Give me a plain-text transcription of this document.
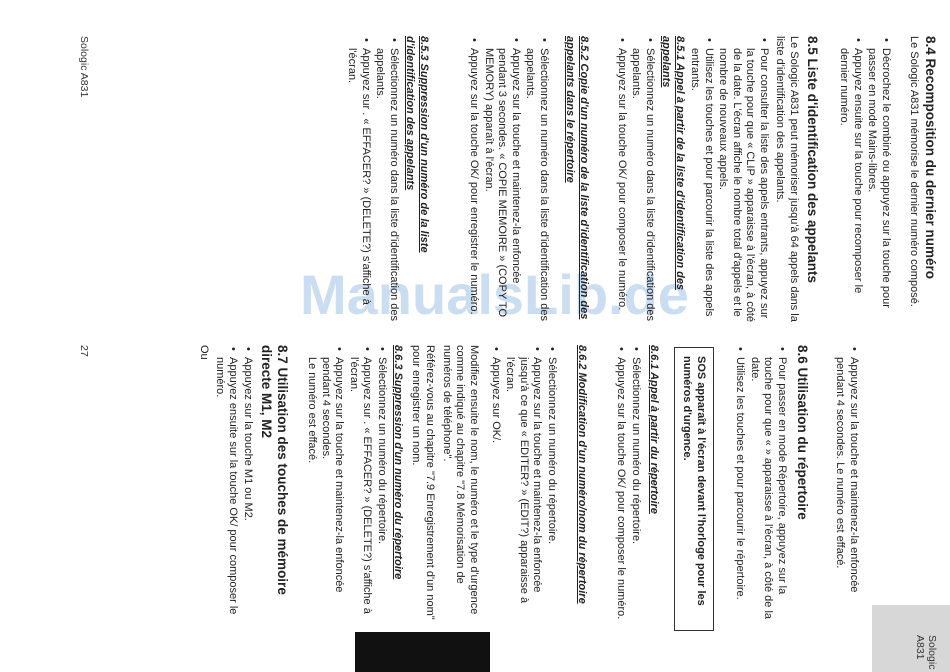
ManualsLib.de
Sologic A831	8.4 Recomposition du dernier numéro

Le Sologic A831 mémorise le dernier numéro composé.

• Décrochez le combiné ou appuyez sur la touche pour passer en mode Mains-libres.
• Appuyez ensuite sur la touche pour recomposer le dernier numéro.
8.5 Liste d'identification des appelants

Le Sologic A831 peut mémoriser jusqu'à 64 appels dans la liste d'identification des appelants.

• Pour consulter la liste des appels entrants, appuyez sur la touche pour que « CLIP » apparaisse à l'écran, à côté de la date. L'écran affiche le nombre total d'appels et le nombre de nouveaux appels.
• Utilisez les touches et pour parcourir la liste des appels entrants.

8.5.1 Appel à partir de la liste d'identification des appelants

• Sélectionnez un numéro dans la liste d'identification des appelants.
• Appuyez sur la touche OK/ pour composer le numéro.

8.5.2 Copie d'un numéro de la liste d'identification des appelants dans le répertoire

• Sélectionnez un numéro dans la liste d'identification des appelants.
• Appuyez sur la touche et maintenez-la enfoncée pendant 3 secondes. « COPIE MEMOIRE » (COPY TO MEMORY) apparaît à l'écran.
• Appuyez sur la touche OK/ pour enregistrer le numéro.

8.5.3 Suppression d'un numéro de la liste d'identification des appelants

• Sélectionnez un numéro dans la liste d'identification des appelants.
• Appuyez sur . « EFFACER? » (DELETE?) s'affiche à l'écran.
Sologic A831
• Appuyez sur la touche et maintenez-la enfoncée pendant 4 secondes. Le numéro est effacé.
8.6 Utilisation du répertoire
• Pour passer en mode Répertoire, appuyez sur la touche pour que « » apparaisse à l'écran, à côté de la date.
• Utilisez les touches et pour parcourir le répertoire.
SOS apparaît à l'écran devant l'horloge pour les numéros d'urgence.

8.6.1 Appel à partir du répertoire

• Sélectionnez un numéro du répertoire.
• Appuyez sur la touche OK/ pour composer le numéro.

8.6.2 Modification d'un numéro/nom du répertoire

• Sélectionnez un numéro du répertoire.
• Appuyez sur la touche et maintenez-la enfoncée jusqu'à ce que « EDITER? » (EDIT?) apparaisse à l'écran.
• Appuyez sur OK/.

Modifiez ensuite le nom, le numéro et le type d'urgence comme indiqué au chapitre "7.8 Mémorisation de numéros de téléphone".

Référez-vous au chapitre "7.9 Enregistrement d'un nom" pour enregistrer un nom.

8.6.3 Suppression d'un numéro du répertoire

• Sélectionnez un numéro du répertoire.
• Appuyez sur . « EFFACER? » (DELETE?) s'affiche à l'écran.
• Appuyez sur la touche et maintenez-la enfoncée pendant 4 secondes.

Le numéro est effacé.

8.7 Utilisation des touches de mémoire directe M1, M2
• Appuyez sur la touche M1 ou M2.
• Appuyez ensuite sur la touche OK/ pour composer le numéro.

Ou

27
